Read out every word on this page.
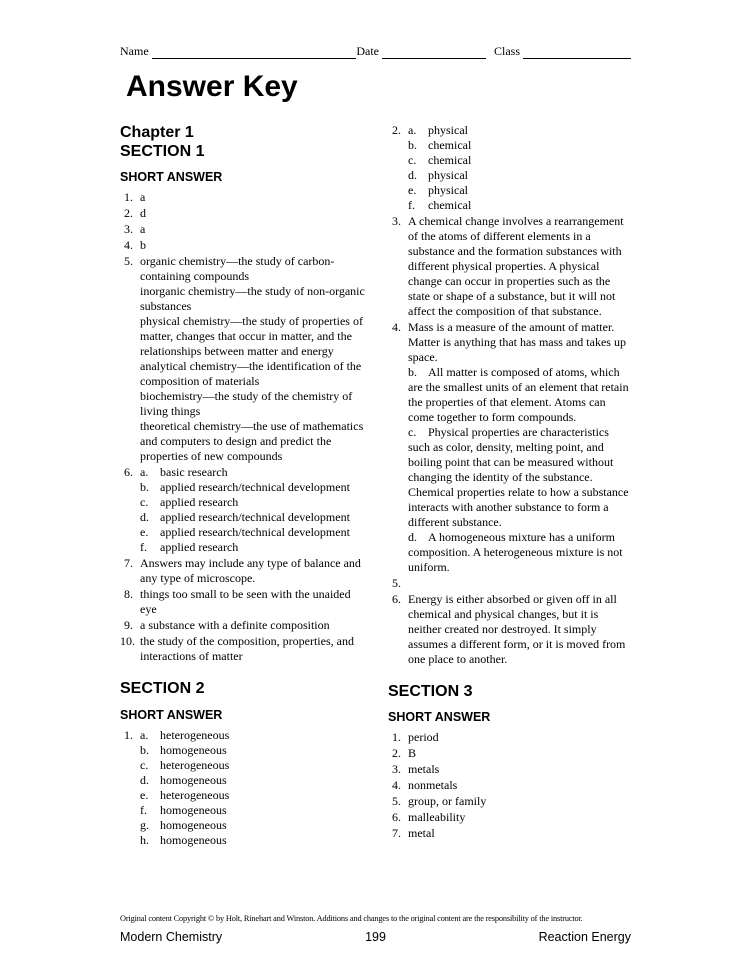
Name	Date	Class
Answer Key
Chapter 1
SECTION 1
SHORT ANSWER
1. a
2. d
3. a
4. b
5. organic chemistry—the study of carbon-containing compounds
inorganic chemistry—the study of non-organic substances
physical chemistry—the study of properties of matter, changes that occur in matter, and the relationships between matter and energy
analytical chemistry—the identification of the composition of materials
biochemistry—the study of the chemistry of living things
theoretical chemistry—the use of mathematics and computers to design and predict the properties of new compounds
6. a. basic research
b. applied research/technical development
c. applied research
d. applied research/technical development
e. applied research/technical development
f. applied research
7. Answers may include any type of balance and any type of microscope.
8. things too small to be seen with the unaided eye
9. a substance with a definite composition
10. the study of the composition, properties, and interactions of matter
SECTION 2
SHORT ANSWER
1. a. heterogeneous
b. homogeneous
c. heterogeneous
d. homogeneous
e. heterogeneous
f. homogeneous
g. homogeneous
h. homogeneous
2. a. physical
b. chemical
c. chemical
d. physical
e. physical
f. chemical
3. A chemical change involves a rearrangement of the atoms of different elements in a
substance and the formation substances with different physical properties. A physical change can occur in properties such as the state or shape of a substance, but it will not affect the composition of that substance.
4. Mass is a measure of the amount of matter. Matter is anything that has mass and takes up space.
b. All matter is composed of atoms, which are the smallest units of an element that retain the properties of that element. Atoms can come together to form compounds.
c. Physical properties are characteristics such as color, density, melting point, and boiling point that can be measured without changing the identity of the substance. Chemical properties relate to how a substance interacts with another substance to form a different substance.
d. A homogeneous mixture has a uniform composition. A heterogeneous mixture is not uniform.
5.
6. Energy is either absorbed or given off in all chemical and physical changes, but it is neither created nor destroyed. It simply assumes a different form, or it is moved from one place to another.
SECTION 3
SHORT ANSWER
1. period
2. B
3. metals
4. nonmetals
5. group, or family
6. malleability
7. metal
Original content Copyright © by Holt, Rinehart and Winston. Additions and changes to the original content are the responsibility of the instructor.
Modern Chemistry	199	Reaction Energy
